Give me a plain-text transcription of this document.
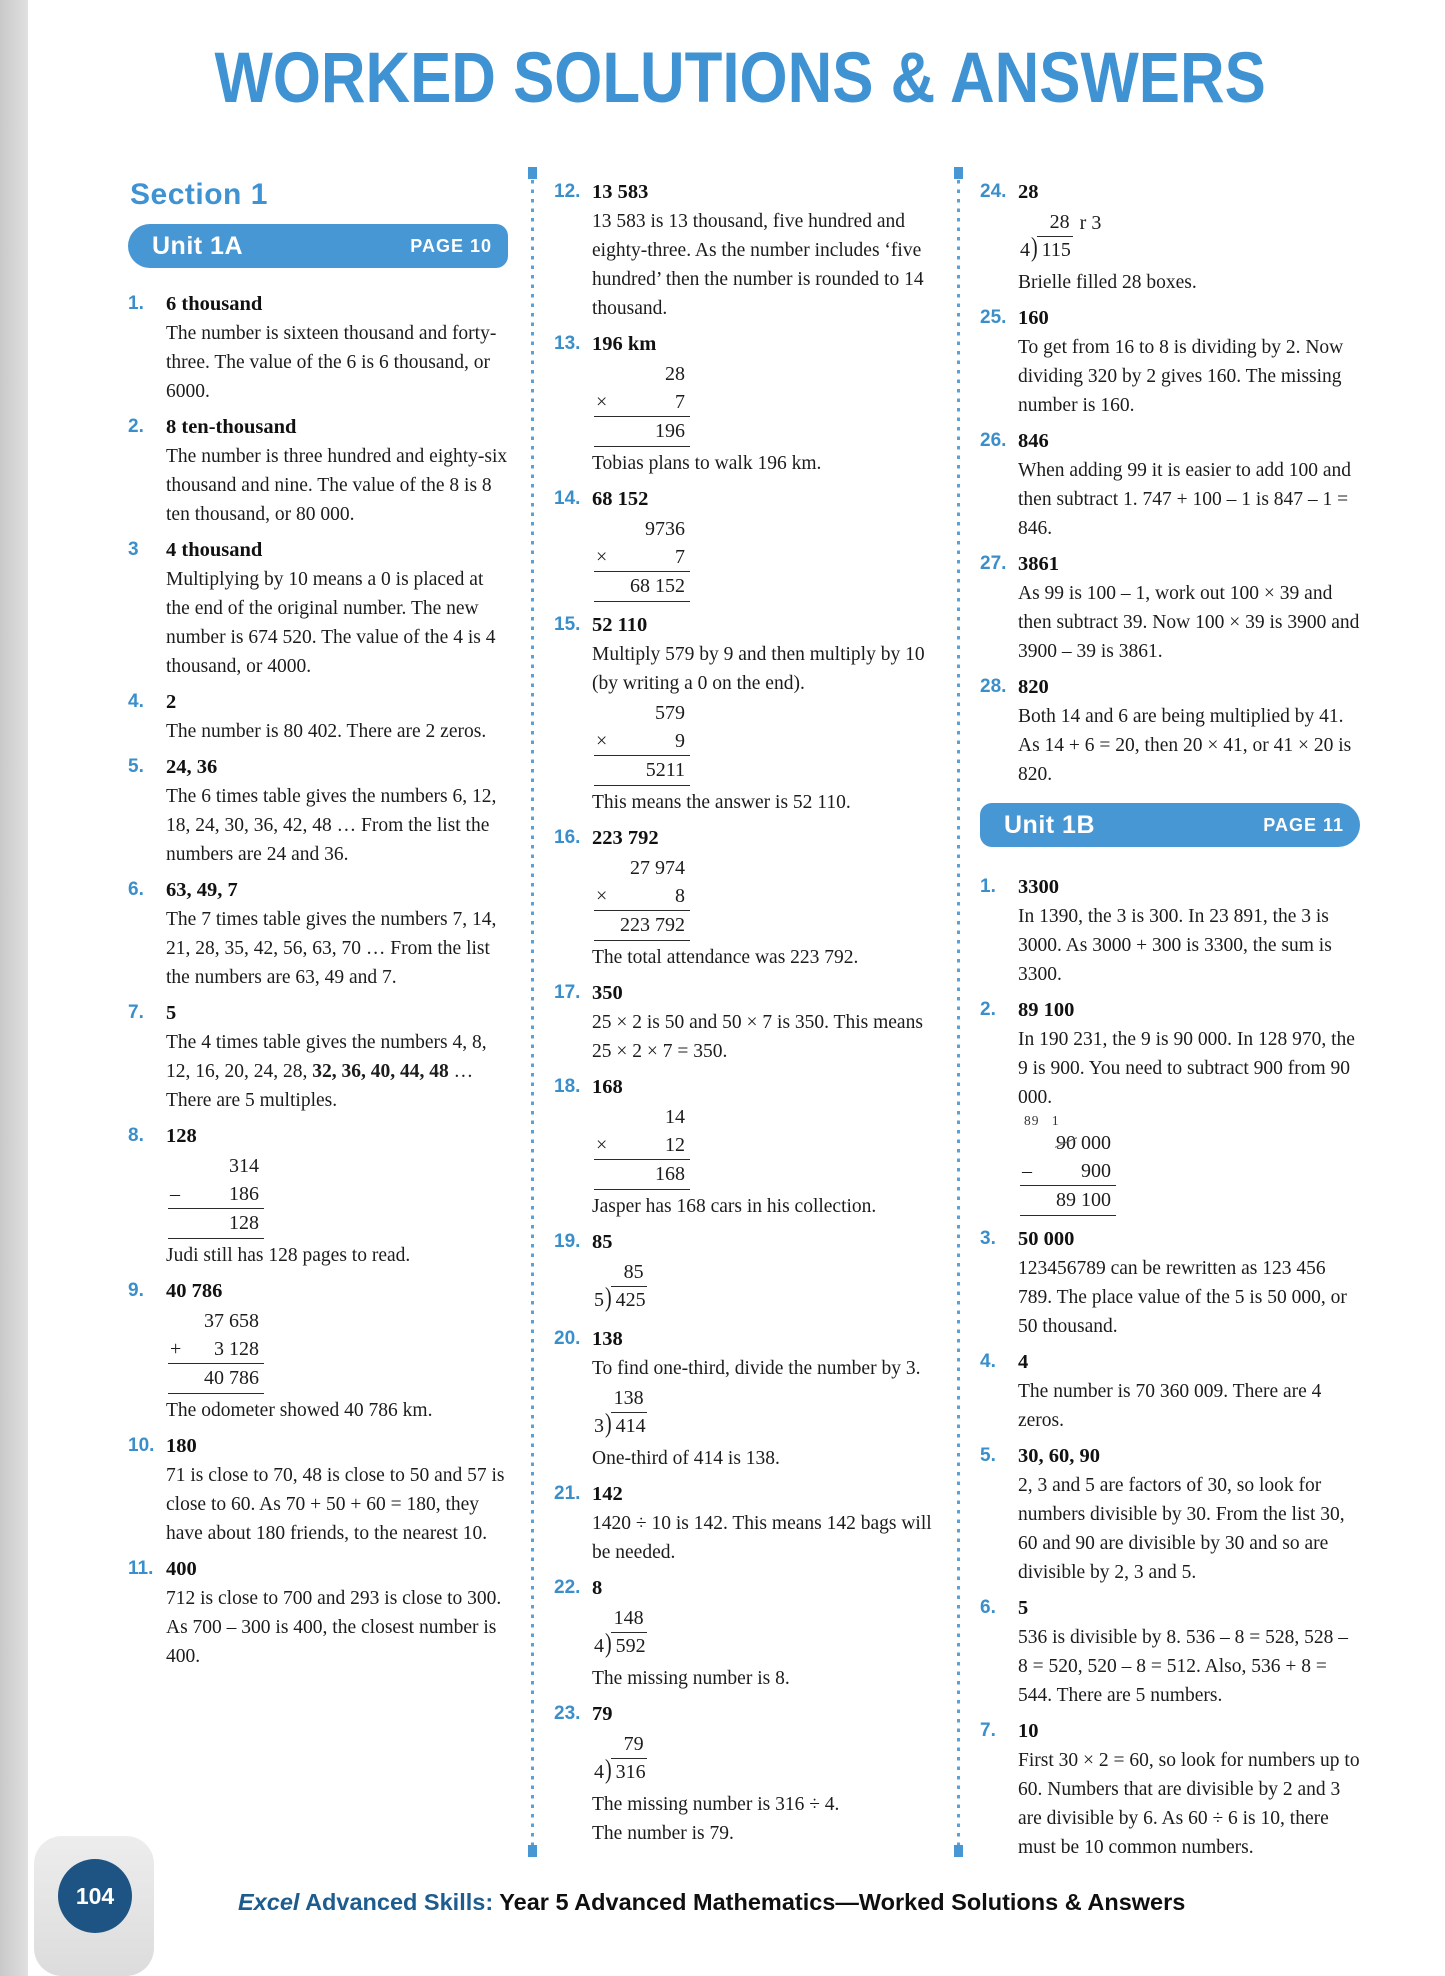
WORKED SOLUTIONS & ANSWERS
Section 1
Unit 1A	PAGE 10
1.	6 thousand

The number is sixteen thousand and forty-three. The value of the 6 is 6 thousand, or 6000.

2.	8 ten-thousand

The number is three hundred and eighty-six thousand and nine. The value of the 8 is 8 ten thousand, or 80 000.

3	4 thousand

Multiplying by 10 means a 0 is placed at the end of the original number. The new number is 674 520. The value of the 4 is 4 thousand, or 4000.

4.	2

The number is 80 402. There are 2 zeros.

5.	24, 36

The 6 times table gives the numbers 6, 12, 18, 24, 30, 36, 42, 48 … From the list the numbers are 24 and 36.

6.	63, 49, 7

The 7 times table gives the numbers 7, 14, 21, 28, 35, 42, 56, 63, 70 … From the list the numbers are 63, 49 and 7.

7.	5

The 4 times table gives the numbers 4, 8, 12, 16, 20, 24, 28, 32, 36, 40, 44, 48 … There are 5 multiples.

8.	128
314
–	186
128

Judi still has 128 pages to read.

9.	40 786
37 658
+	3 128
40 786

The odometer showed 40 786 km.

10. 180

71 is close to 70, 48 is close to 50 and 57 is close to 60. As 70 + 50 + 60 = 180, they have about 180 friends, to the nearest 10.

11. 400

712 is close to 700 and 293 is close to 300. As 700 – 300 is 400, the closest number is 400.

12. 13 583

13 583 is 13 thousand, five hundred and eighty-three. As the number includes ‘five hundred’ then the number is rounded to 14 thousand.

13. 196 km
28
×	7
196

Tobias plans to walk 196 km.

14. 68 152
9736
×	7
68 152
15. 52 110

Multiply 579 by 9 and then multiply by 10 (by writing a 0 on the end).

579
×	9
5211

This means the answer is 52 110.

16. 223 792
27 974
×	8
223 792

The total attendance was 223 792.

17. 350

25 × 2 is 50 and 50 × 7 is 350. This means 25 × 2 × 7 = 350.

18. 168
14
×	12
168

Jasper has 168 cars in his collection.

19. 85
85
5 ) 425
20. 138

To find one-third, divide the number by 3.

138
3 ) 414

One-third of 414 is 138.

21. 142

1420 ÷ 10 is 142. This means 142 bags will be needed.

22. 8
148
4 ) 592

The missing number is 8.

23. 79
79
4 ) 316

The missing number is 316 ÷ 4.

The number is 79.

24. 28
28 r 3
4 ) 115

Brielle filled 28 boxes.

25. 160

To get from 16 to 8 is dividing by 2. Now dividing 320 by 2 gives 160. The missing number is 160.

26. 846

When adding 99 it is easier to add 100 and then subtract 1. 747 + 100 – 1 is 847 – 1 = 846.

27. 3861

As 99 is 100 – 1, work out 100 × 39 and then subtract 39. Now 100 × 39 is 3900 and 3900 – 39 is 3861.

28. 820

Both 14 and 6 are being multiplied by 41. As 14 + 6 = 20, then 20 × 41, or 41 × 20 is 820.

Unit 1B	PAGE 11
1.	3300

In 1390, the 3 is 300. In 23 891, the 3 is 3000. As 3000 + 300 is 3300, the sum is 3300.

2.	89 100

In 190 231, the 9 is 90 000. In 128 970, the 9 is 900. You need to subtract 900 from 90 000.

89 1
90 000
–	900
89 100
3.	50 000

123456789 can be rewritten as 123 456 789. The place value of the 5 is 50 000, or 50 thousand.

4.	4

The number is 70 360 009. There are 4 zeros.

5.	30, 60, 90

2, 3 and 5 are factors of 30, so look for numbers divisible by 30. From the list 30, 60 and 90 are divisible by 30 and so are divisible by 2, 3 and 5.

6.	5

536 is divisible by 8. 536 – 8 = 528, 528 – 8 = 520, 520 – 8 = 512. Also, 536 + 8 = 544. There are 5 numbers.

7.	10

First 30 × 2 = 60, so look for numbers up to 60. Numbers that are divisible by 2 and 3 are divisible by 6. As 60 ÷ 6 is 10, there must be 10 common numbers.

104	Excel Advanced Skills: Year 5 Advanced Mathematics—Worked Solutions & Answers
